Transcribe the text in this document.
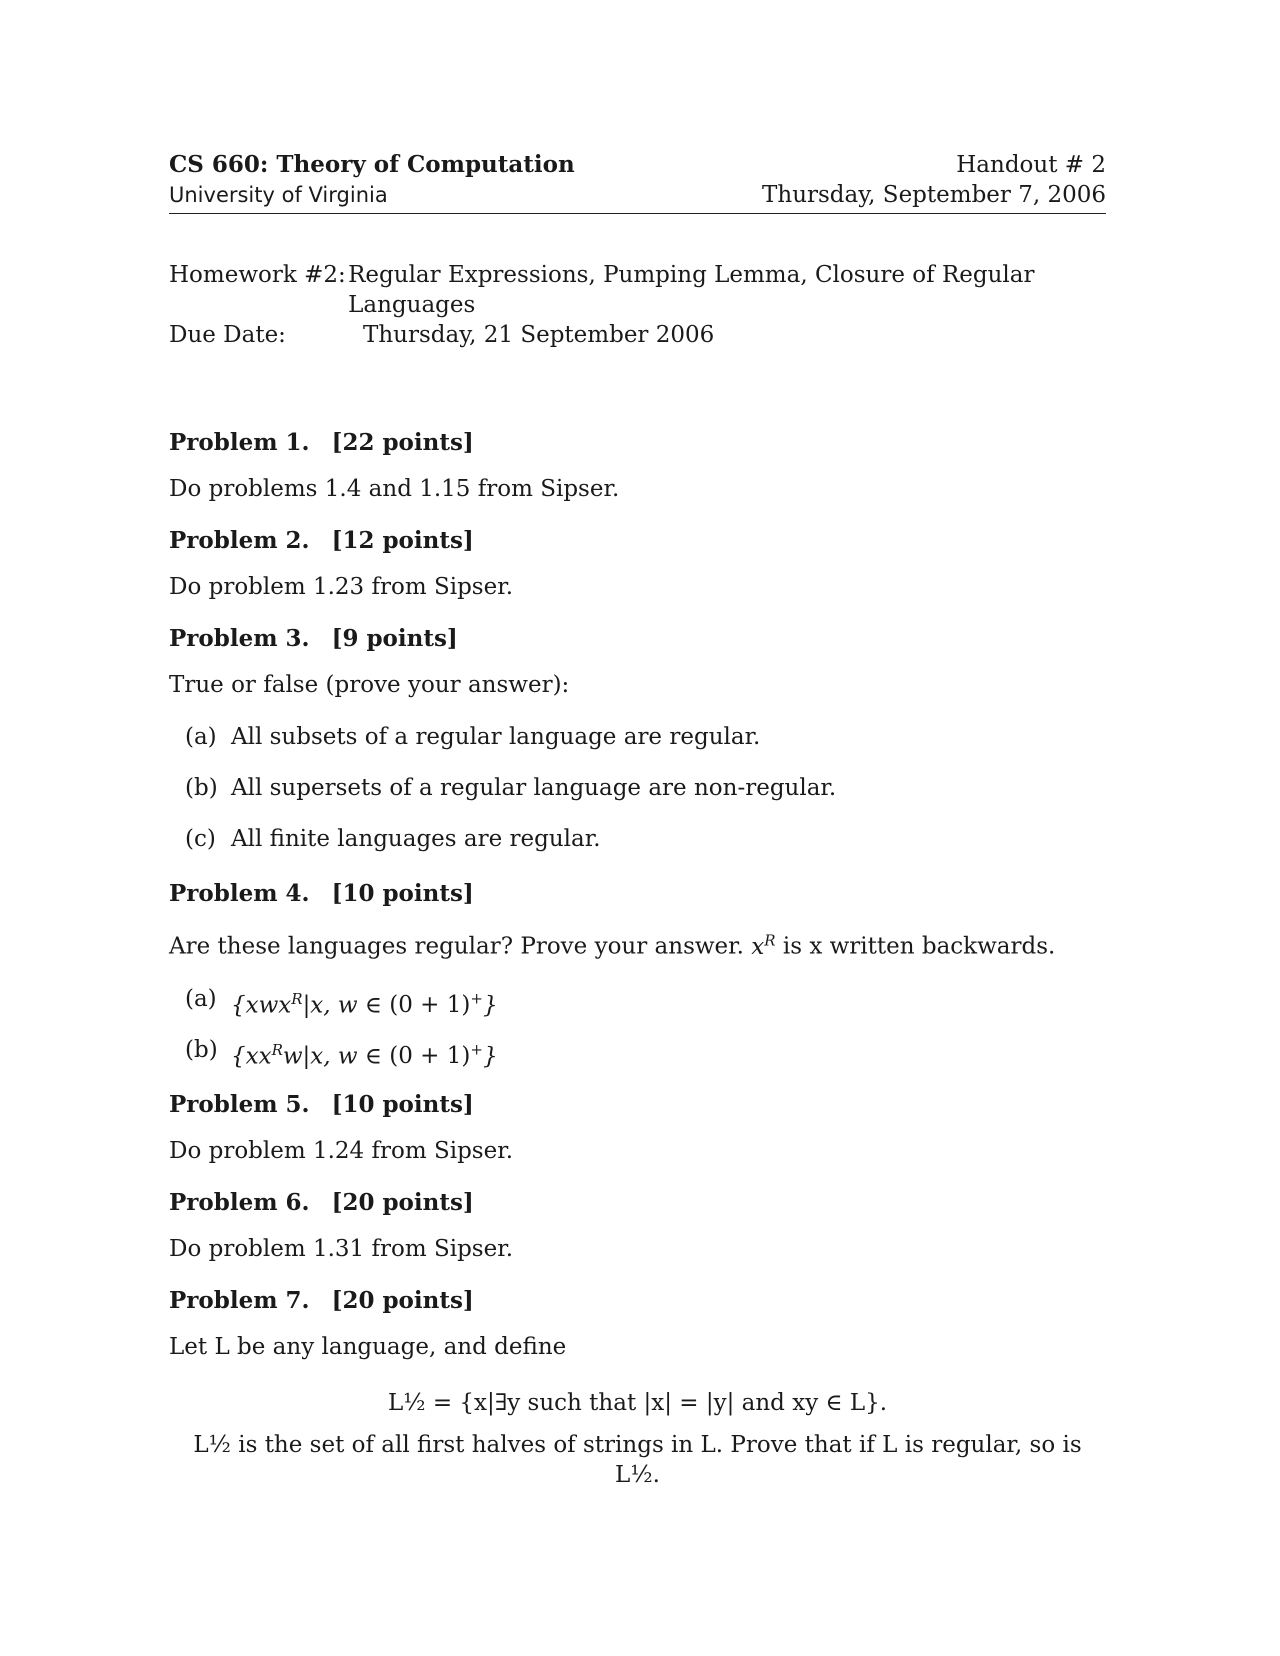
CS 660: Theory of Computation
University of Virginia
Handout # 2
Thursday, September 7, 2006
Homework #2: Regular Expressions, Pumping Lemma, Closure of Regular Languages
Due Date:	Thursday, 21 September 2006
Problem 1. [22 points]
Do problems 1.4 and 1.15 from Sipser.
Problem 2. [12 points]
Do problem 1.23 from Sipser.
Problem 3. [9 points]
True or false (prove your answer):
(a) All subsets of a regular language are regular.
(b) All supersets of a regular language are non-regular.
(c) All finite languages are regular.
Problem 4. [10 points]
Are these languages regular? Prove your answer. $x^R$ is x written backwards.
(a) {xwx$^R$|x, w ∈ (0 + 1)+}
(b) {$xx^Rw|x$, w ∈ (0 + 1)+}
Problem 5. [10 points]
Do problem 1.24 from Sipser.
Problem 6. [20 points]
Do problem 1.31 from Sipser.
Problem 7. [20 points]
Let L be any language, and define
L½ = {x|∃y such that |x| = |y| and xy ∈ L}.
L½ is the set of all first halves of strings in L. Prove that if L is regular, so is L½.
